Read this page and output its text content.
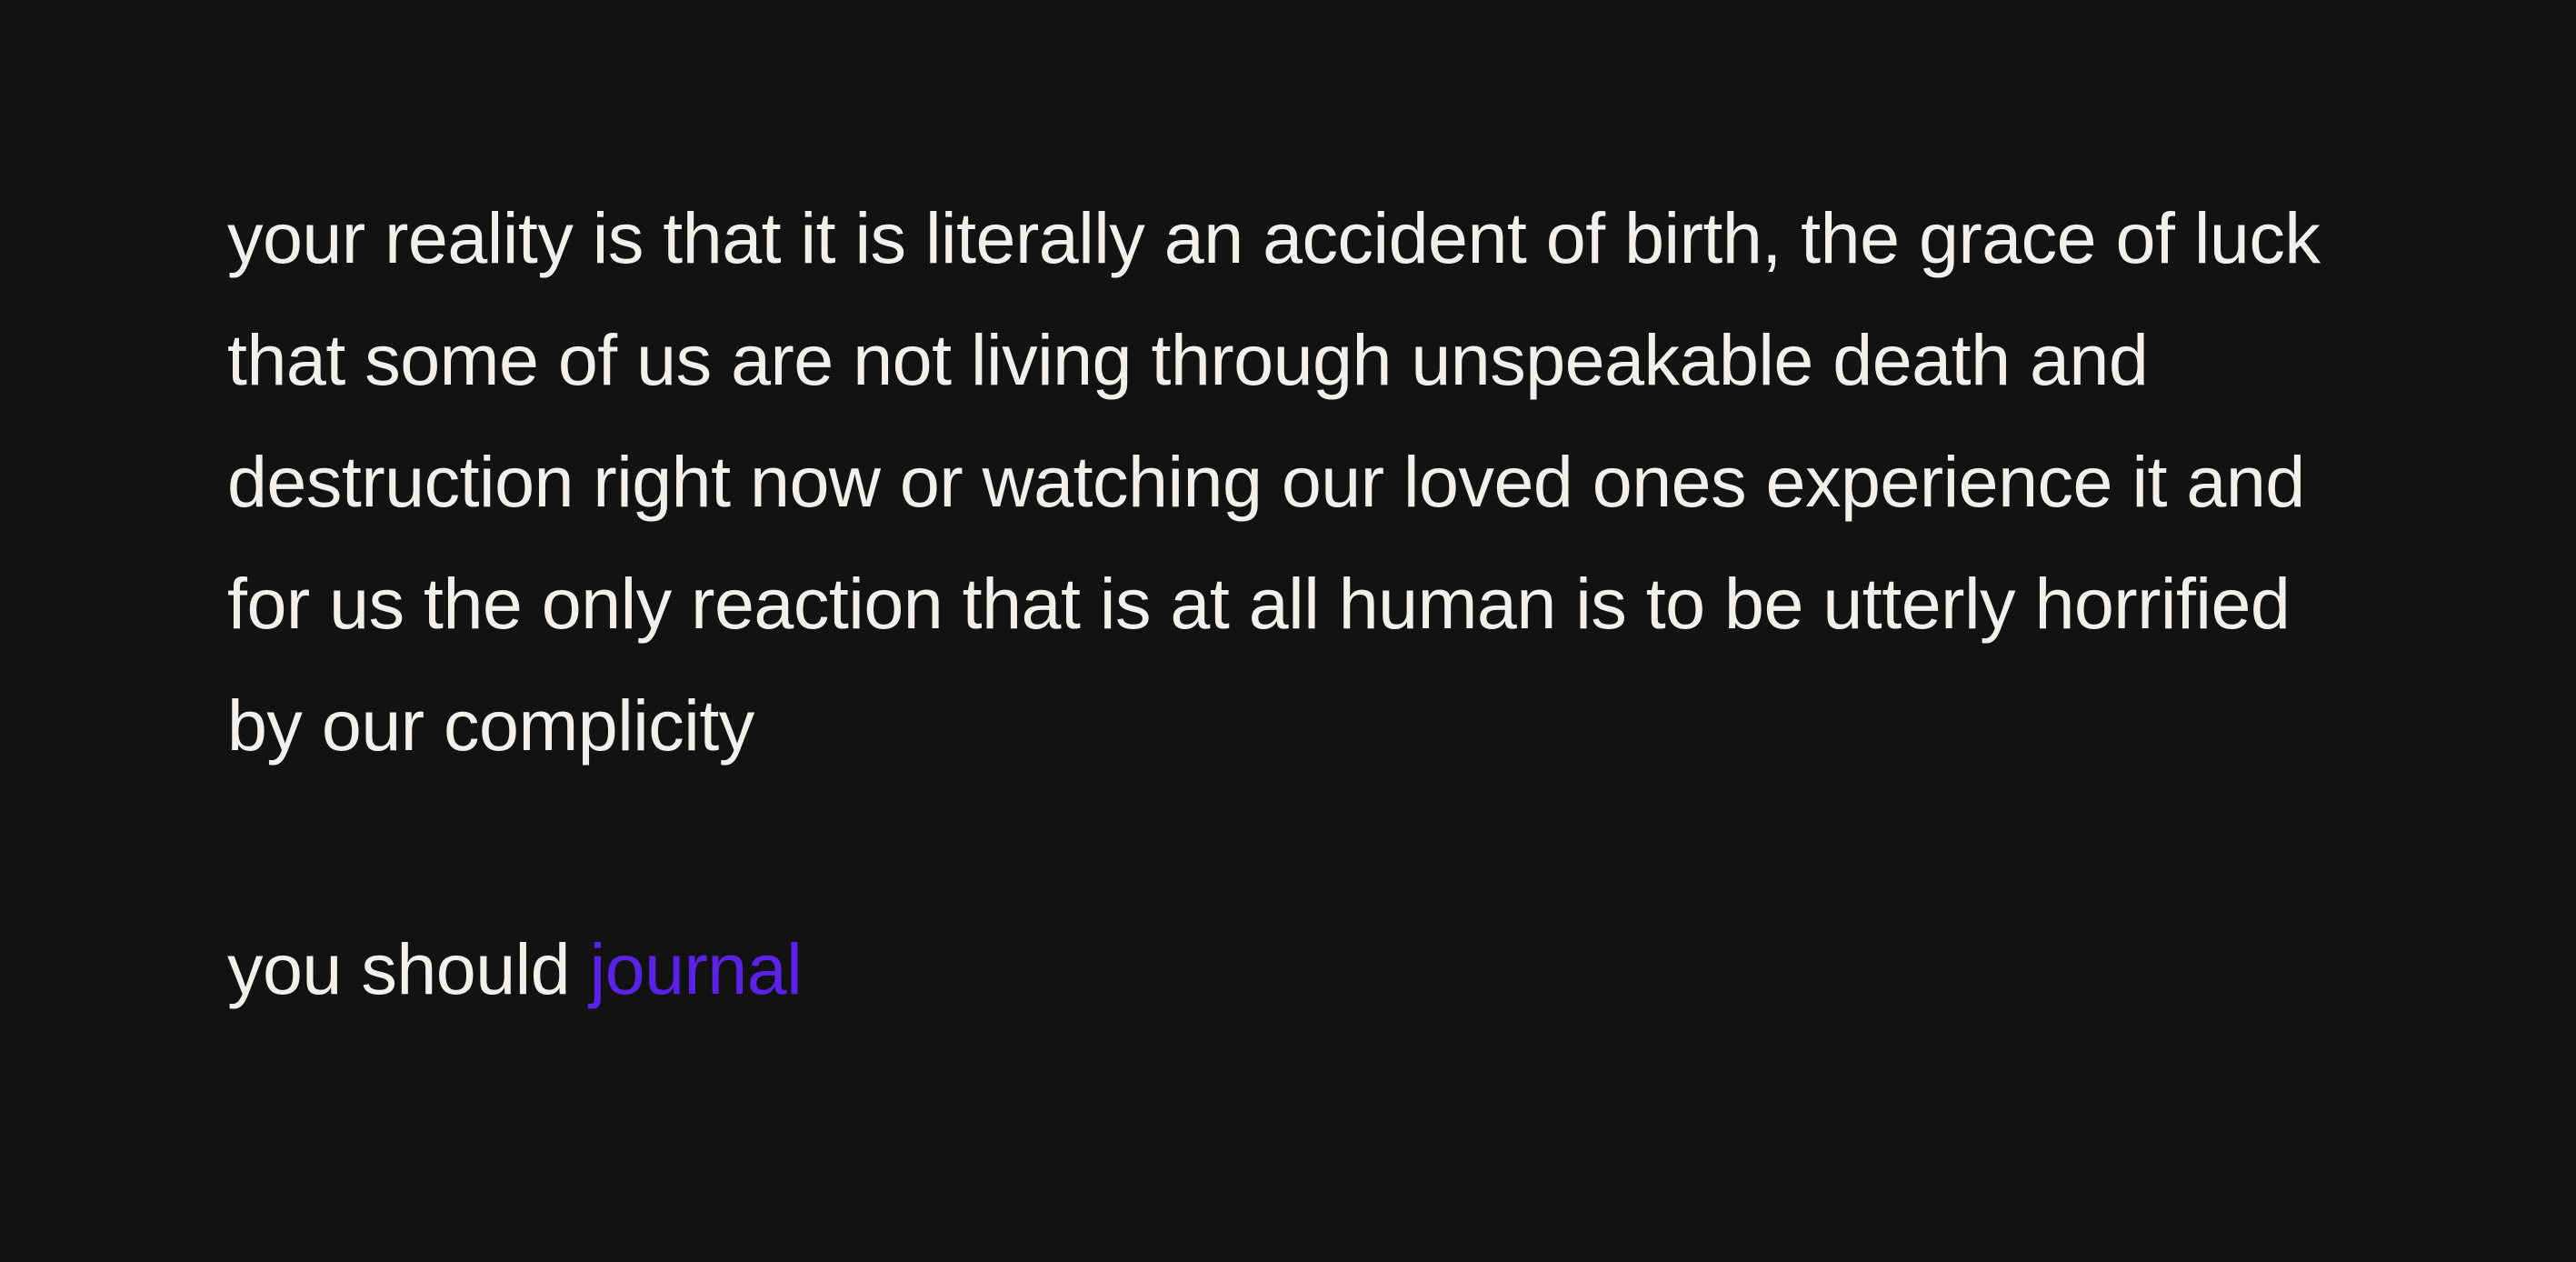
your reality is that it is literally an accident of birth, the grace of luck
that some of us are not living through unspeakable death and
destruction right now or watching our loved ones experience it and
for us the only reaction that is at all human is to be utterly horrified
by our complicity

you should journal
